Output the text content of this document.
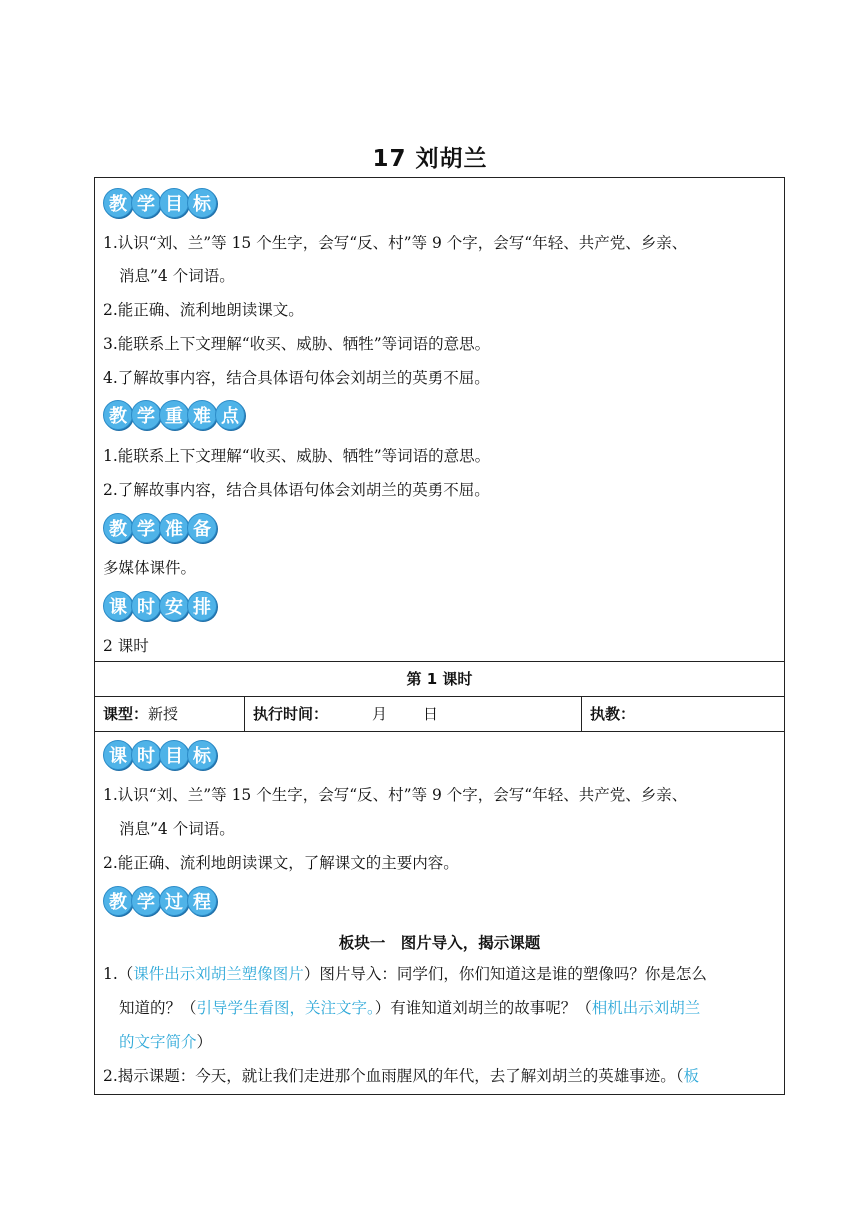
17 刘胡兰
教 学 目 标
1.认识“刘、兰”等 15 个生字，会写“反、村”等 9 个字，会写“年轻、共产党、乡亲、
消息”4 个词语。
2.能正确、流利地朗读课文。
3.能联系上下文理解“收买、威胁、牺牲”等词语的意思。
4.了解故事内容，结合具体语句体会刘胡兰的英勇不屈。
教 学 重 难 点
1.能联系上下文理解“收买、威胁、牺牲”等词语的意思。
2.了解故事内容，结合具体语句体会刘胡兰的英勇不屈。
教 学 准 备
多媒体课件。
课 时 安 排
2 课时
第 1 课时
课型：新授	执行时间：	月 日	执教：
课 时 目 标
1.认识“刘、兰”等 15 个生字，会写“反、村”等 9 个字，会写“年轻、共产党、乡亲、
消息”4 个词语。
2.能正确、流利地朗读课文，了解课文的主要内容。
教 学 过 程
板块一　图片导入，揭示课题
1.（课件出示刘胡兰塑像图片）图片导入：同学们，你们知道这是谁的塑像吗？你是怎么
知道的？（引导学生看图，关注文字。）有谁知道刘胡兰的故事呢？（相机出示刘胡兰
的文字简介）
2.揭示课题：今天，就让我们走进那个血雨腥风的年代，去了解刘胡兰的英雄事迹。（板
